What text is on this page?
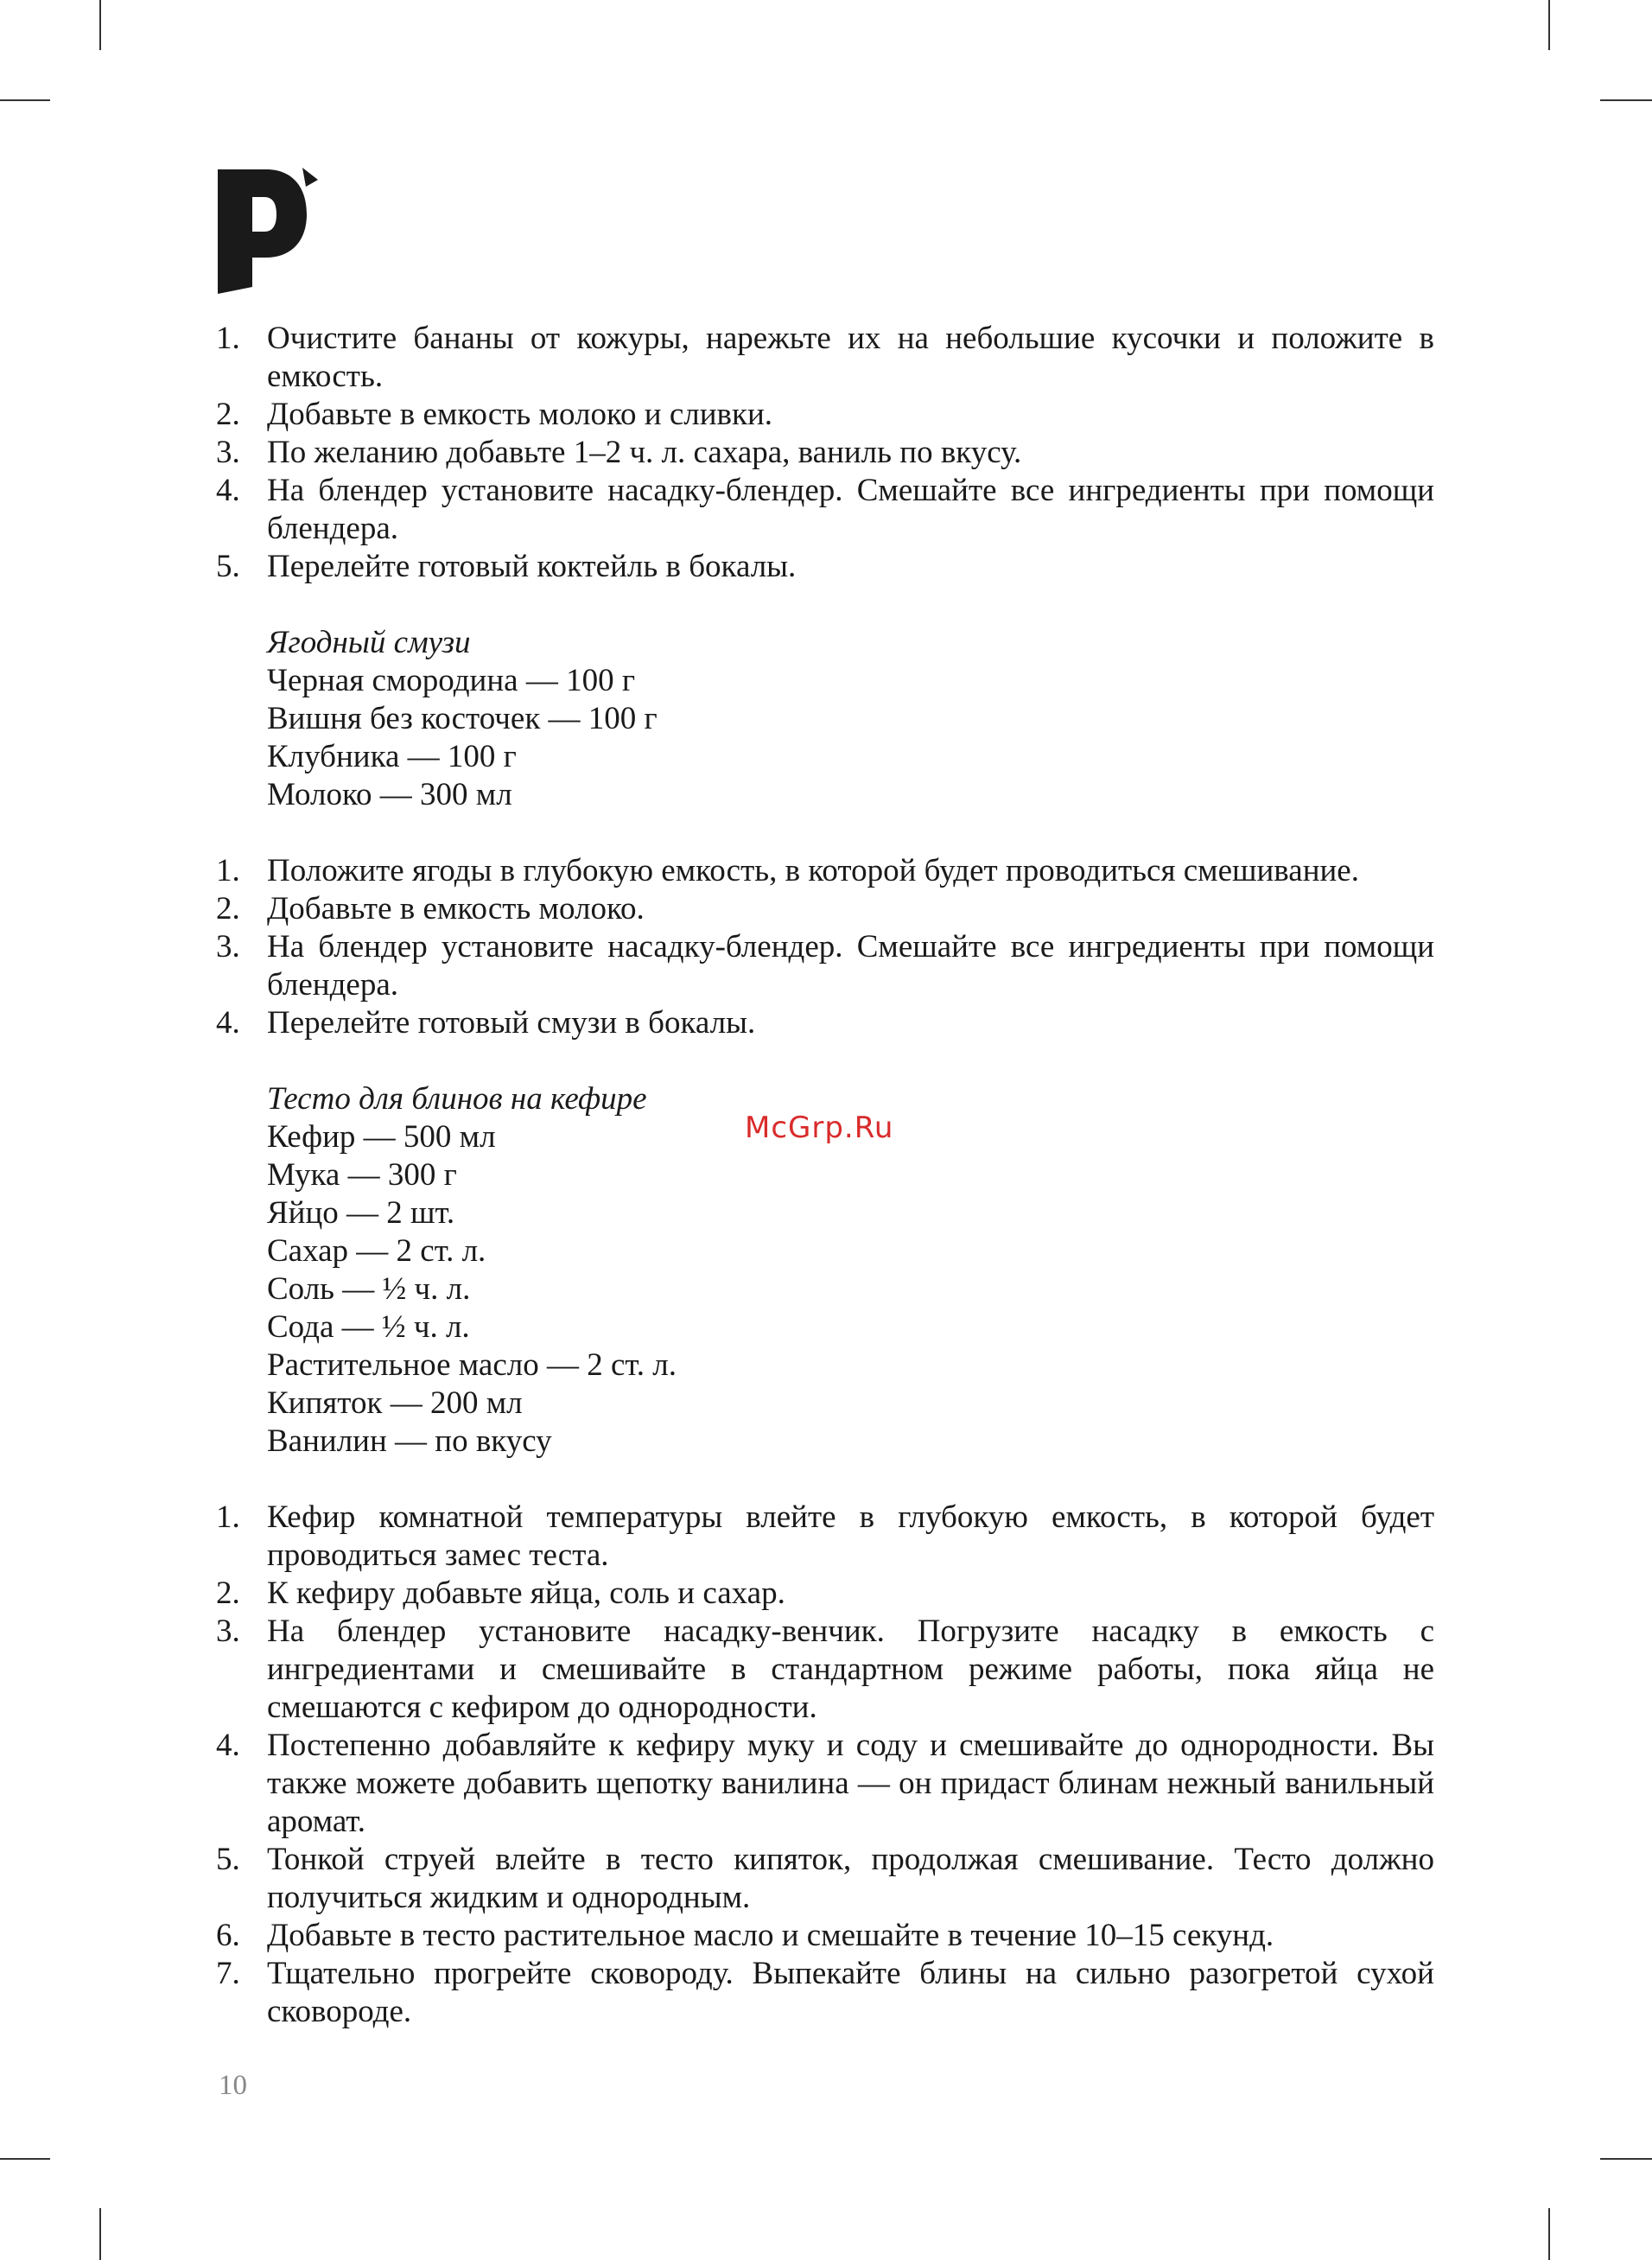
1. Очистите бананы от кожуры, нарежьте их на небольшие кусочки и положите в емкость.
2. Добавьте в емкость молоко и сливки.
3. По желанию добавьте 1–2 ч. л. сахара, ваниль по вкусу.
4. На блендер установите насадку-блендер. Смешайте все ингредиенты при помощи блендера.
5. Перелейте готовый коктейль в бокалы.
Ягодный смузи
Черная смородина — 100 г
Вишня без косточек — 100 г
Клубника — 100 г
Молоко — 300 мл
1. Положите ягоды в глубокую емкость, в которой будет проводиться смешивание.
2. Добавьте в емкость молоко.
3. На блендер установите насадку-блендер. Смешайте все ингредиенты при помощи блендера.
4. Перелейте готовый смузи в бокалы.
Тесто для блинов на кефире
Кефир — 500 мл
Мука — 300 г
Яйцо — 2 шт.
Сахар — 2 ст. л.
Соль — ½ ч. л.
Сода — ½ ч. л.
Растительное масло — 2 ст. л.
Кипяток — 200 мл
Ванилин — по вкусу
1. Кефир комнатной температуры влейте в глубокую емкость, в которой будет проводиться замес теста.
2. К кефиру добавьте яйца, соль и сахар.
3. На блендер установите насадку-венчик. Погрузите насадку в емкость с ингредиентами и смешивайте в стандартном режиме работы, пока яйца не смешаются с кефиром до однородности.
4. Постепенно добавляйте к кефиру муку и соду и смешивайте до однородности. Вы также можете добавить щепотку ванилина — он придаст блинам нежный ванильный аромат.
5. Тонкой струей влейте в тесто кипяток, продолжая смешивание. Тесто должно получиться жидким и однородным.
6. Добавьте в тесто растительное масло и смешайте в течение 10–15 секунд.
7. Тщательно прогрейте сковороду. Выпекайте блины на сильно разогретой сухой сковороде.
McGrp.Ru
10
